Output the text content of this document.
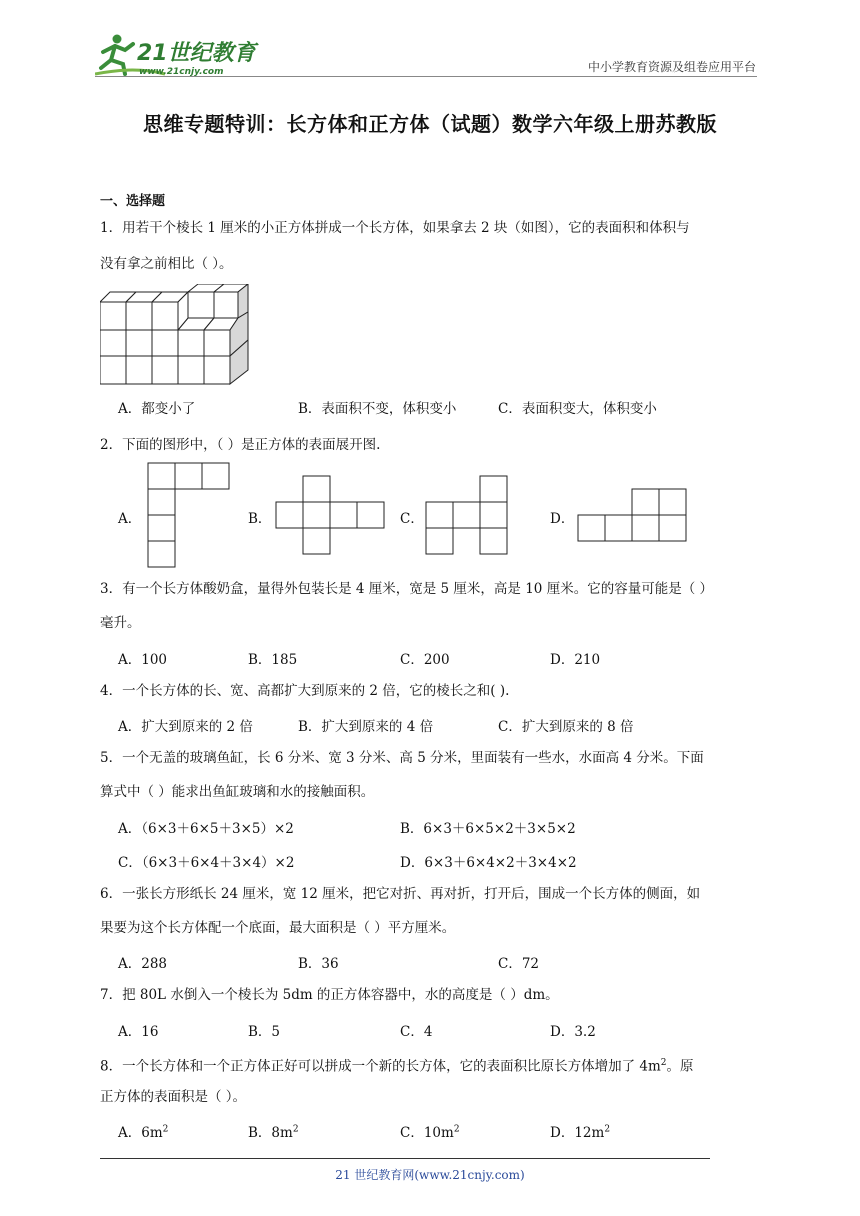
21世纪教育
www.21cnjy.com	中小学教育资源及组卷应用平台
思维专题特训：长方体和正方体（试题）数学六年级上册苏教版
一、选择题
1．用若干个棱长 1 厘米的小正方体拼成一个长方体，如果拿去 2 块（如图），它的表面积和体积与
没有拿之前相比（ ）。
A．都变小了	B．表面积不变，体积变小	C．表面积变大，体积变小
2．下面的图形中，（ ）是正方体的表面展开图.
A．	B．	C．	D．
3．有一个长方体酸奶盒，量得外包装长是 4 厘米，宽是 5 厘米，高是 10 厘米。它的容量可能是（ ）
毫升。
A．100	B．185	C．200	D．210
4．一个长方体的长、宽、高都扩大到原来的 2 倍，它的棱长之和( ).
A．扩大到原来的 2 倍	B．扩大到原来的 4 倍	C．扩大到原来的 8 倍
5．一个无盖的玻璃鱼缸，长 6 分米、宽 3 分米、高 5 分米，里面装有一些水，水面高 4 分米。下面
算式中（ ）能求出鱼缸玻璃和水的接触面积。
A．（6×3＋6×5＋3×5）×2	B．6×3＋6×5×2＋3×5×2
C．（6×3＋6×4＋3×4）×2	D．6×3＋6×4×2＋3×4×2
6．一张长方形纸长 24 厘米，宽 12 厘米，把它对折、再对折，打开后，围成一个长方体的侧面，如
果要为这个长方体配一个底面，最大面积是（ ）平方厘米。
A．288	B．36	C．72
7．把 80L 水倒入一个棱长为 5dm 的正方体容器中，水的高度是（ ）dm。
A．16	B．5	C．4	D．3.2
8．一个长方体和一个正方体正好可以拼成一个新的长方体，它的表面积比原长方体增加了 $4m^2$。原
正方体的表面积是（ ）。
A．$6m^2$	B．$8m^2$	C．$10m^2$	D．$12m^2$
21 世纪教育网(www.21cnjy.com)
